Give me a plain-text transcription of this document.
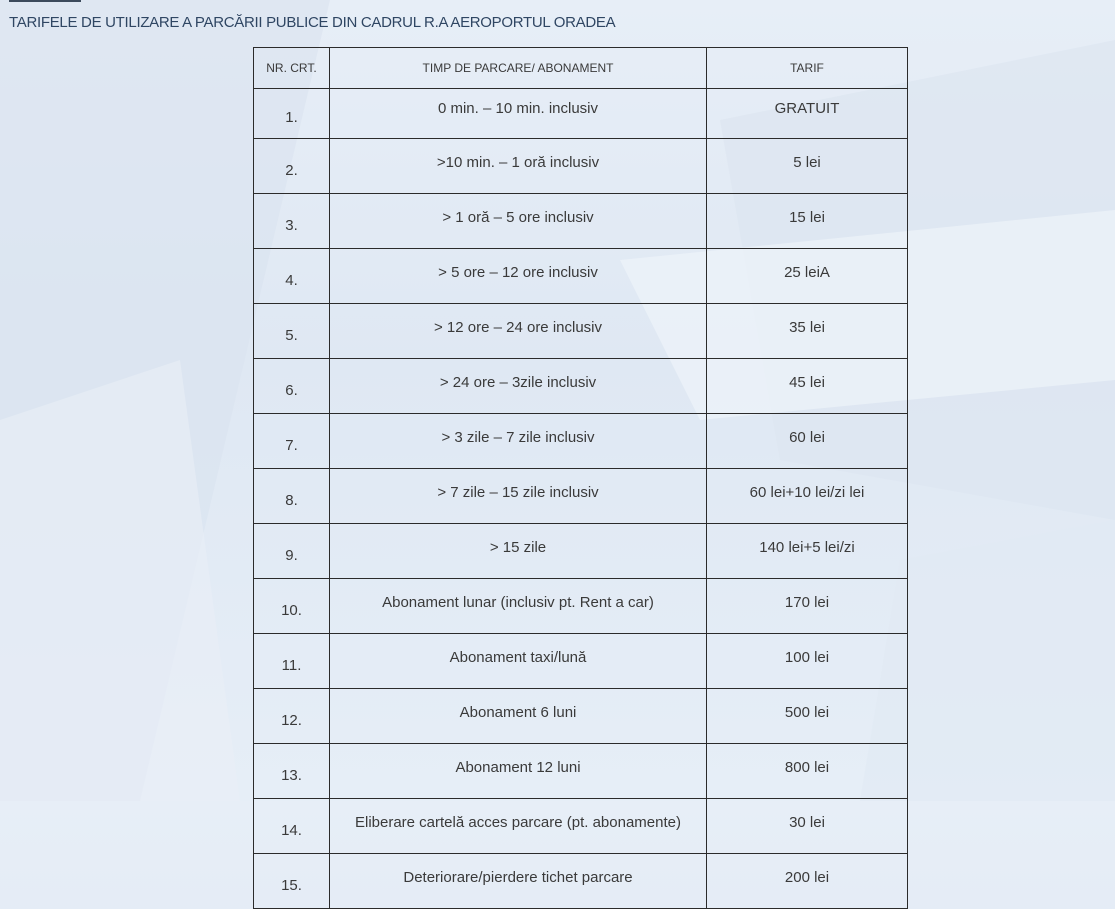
TARIFELE DE UTILIZARE A PARCĂRII PUBLICE DIN CADRUL R.A AEROPORTUL ORADEA
NR. CRT.	TIMP DE PARCARE/ ABONAMENT	TARIF
1.	0 min. – 10 min. inclusiv	GRATUIT
2.	>10 min. – 1 oră inclusiv	5 lei
3.	> 1 oră – 5 ore inclusiv	15 lei
4.	> 5 ore – 12 ore inclusiv	25 leiA
5.	> 12 ore – 24 ore inclusiv	35 lei
6.	> 24 ore – 3zile inclusiv	45 lei
7.	> 3 zile – 7 zile inclusiv	60 lei
8.	> 7 zile – 15 zile inclusiv	60 lei+10 lei/zi lei
9.	> 15 zile	140 lei+5 lei/zi
10.	Abonament lunar (inclusiv pt. Rent a car)	170 lei
11.	Abonament taxi/lună	100 lei
12.	Abonament 6 luni	500 lei
13.	Abonament 12 luni	800 lei
14.	Eliberare cartelă acces parcare (pt. abonamente)	30 lei
15.	Deteriorare/pierdere tichet parcare	200 lei
